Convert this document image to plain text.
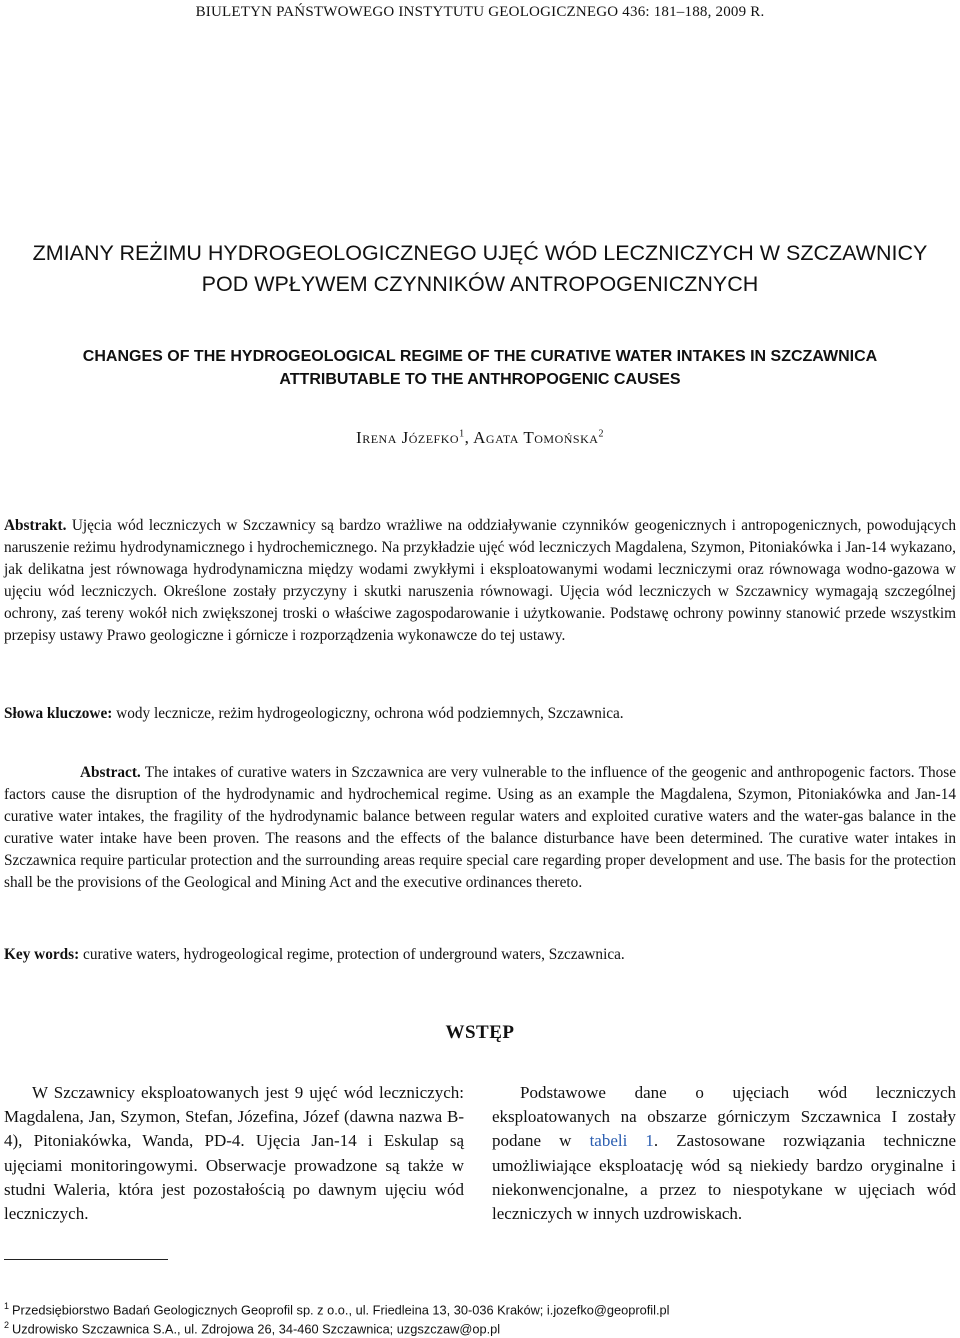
BIULETYN PAŃSTWOWEGO INSTYTUTU GEOLOGICZNEGO 436: 181–188, 2009 R.
ZMIANY REŻIMU HYDROGEOLOGICZNEGO UJĘĆ WÓD LECZNICZYCH W SZCZAWNICY
POD WPŁYWEM CZYNNIKÓW ANTROPOGENICZNYCH
CHANGES OF THE HYDROGEOLOGICAL REGIME OF THE CURATIVE WATER INTAKES IN SZCZAWNICA
ATTRIBUTABLE TO THE ANTHROPOGENIC CAUSES
Irena Józefko$^1$, Agata Tomońska$^2$

Abstrakt. Ujęcia wód leczniczych w Szczawnicy są bardzo wrażliwe na oddziaływanie czynników geogenicznych i antropogenicznych, powodujących naruszenie reżimu hydrodynamicznego i hydrochemicznego. Na przykładzie ujęć wód leczniczych Magdalena, Szymon, Pitoniakówka i Jan-14 wykazano, jak delikatna jest równowaga hydrodynamiczna między wodami zwykłymi i eksploatowanymi wodami leczniczymi oraz równowaga wodno-gazowa w ujęciu wód leczniczych. Określone zostały przyczyny i skutki naruszenia równowagi. Ujęcia wód leczniczych w Szczawnicy wymagają szczególnej ochrony, zaś tereny wokół nich zwiększonej troski o właściwe zagospodarowanie i użytkowanie. Podstawę ochrony powinny stanowić przede wszystkim przepisy ustawy Prawo geologiczne i górnicze i rozporządzenia wykonawcze do tej ustawy.

Słowa kluczowe: wody lecznicze, reżim hydrogeologiczny, ochrona wód podziemnych, Szczawnica.

Abstract. The intakes of curative waters in Szczawnica are very vulnerable to the influence of the geogenic and anthropogenic factors. Those factors cause the disruption of the hydrodynamic and hydrochemical regime. Using as an example the Magdalena, Szymon, Pitoniakówka and Jan-14 curative water intakes, the fragility of the hydrodynamic balance between regular waters and exploited curative waters and the water-gas balance in the curative water intake have been proven. The reasons and the effects of the balance disturbance have been determined. The curative water intakes in Szczawnica require particular protection and the surrounding areas require special care regarding proper development and use. The basis for the protection shall be the provisions of the Geological and Mining Act and the executive ordinances thereto.

Key words: curative waters, hydrogeological regime, protection of underground waters, Szczawnica.

WSTĘP

W Szczawnicy eksploatowanych jest 9 ujęć wód leczniczych: Magdalena, Jan, Szymon, Stefan, Józefina, Józef (dawna nazwa B-4), Pitoniakówka, Wanda, PD-4. Ujęcia Jan-14 i Eskulap są ujęciami monitoringowymi. Obserwacje prowadzone są także w studni Waleria, która jest pozostałością po dawnym ujęciu wód leczniczych.

Podstawowe dane o ujęciach wód leczniczych eksploatowanych na obszarze górniczym Szczawnica I zostały podane w tabeli 1. Zastosowane rozwiązania techniczne umożliwiające eksploatację wód są niekiedy bardzo oryginalne i niekonwencjonalne, a przez to niespotykane w ujęciach wód leczniczych w innych uzdrowiskach.

$^1$ Przedsiębiorstwo Badań Geologicznych Geoprofil sp. z o.o., ul. Friedleina 13, 30-036 Kraków; i.jozefko@geoprofil.pl
$^2$ Uzdrowisko Szczawnica S.A., ul. Zdrojowa 26, 34-460 Szczawnica; uzgszczaw@op.pl
